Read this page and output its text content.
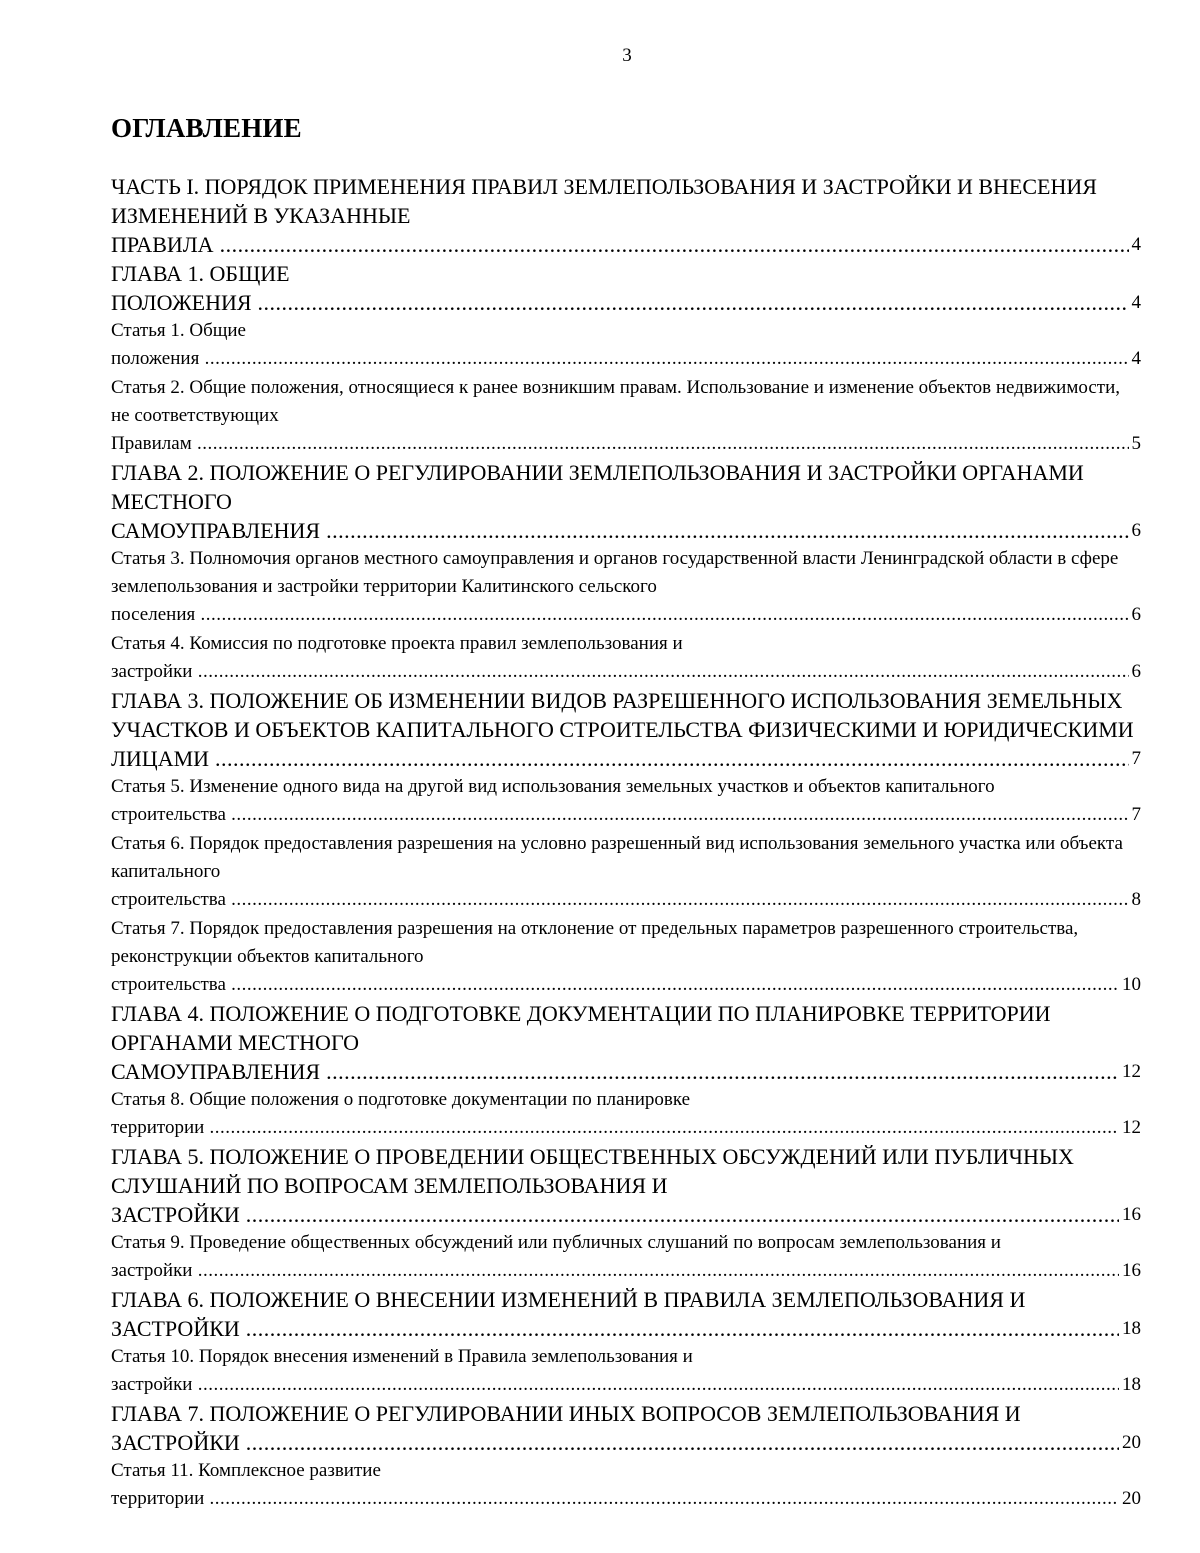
3
ОГЛАВЛЕНИЕ
ЧАСТЬ I. ПОРЯДОК ПРИМЕНЕНИЯ ПРАВИЛ ЗЕМЛЕПОЛЬЗОВАНИЯ И ЗАСТРОЙКИ И ВНЕСЕНИЯ ИЗМЕНЕНИЙ В УКАЗАННЫЕ ПРАВИЛА .....	4
ГЛАВА 1. ОБЩИЕ ПОЛОЖЕНИЯ .....	4
Статья 1. Общие положения .....	4
Статья 2. Общие положения, относящиеся к ранее возникшим правам. Использование и изменение объектов недвижимости, не соответствующих Правилам .....	5
ГЛАВА 2. ПОЛОЖЕНИЕ О РЕГУЛИРОВАНИИ ЗЕМЛЕПОЛЬЗОВАНИЯ И ЗАСТРОЙКИ ОРГАНАМИ МЕСТНОГО САМОУПРАВЛЕНИЯ .....	6
Статья 3. Полномочия органов местного самоуправления и органов государственной власти Ленинградской области в сфере землепользования и застройки территории Калитинского сельского поселения .....	6
Статья 4. Комиссия по подготовке проекта правил землепользования и застройки .....	6
ГЛАВА 3. ПОЛОЖЕНИЕ ОБ ИЗМЕНЕНИИ ВИДОВ РАЗРЕШЕННОГО ИСПОЛЬЗОВАНИЯ ЗЕМЕЛЬНЫХ УЧАСТКОВ И ОБЪЕКТОВ КАПИТАЛЬНОГО СТРОИТЕЛЬСТВА ФИЗИЧЕСКИМИ И ЮРИДИЧЕСКИМИ ЛИЦАМИ .....	7
Статья 5. Изменение одного вида на другой вид использования земельных участков и объектов капитального строительства .....	7
Статья 6. Порядок предоставления разрешения на условно разрешенный вид использования земельного участка или объекта капитального строительства .....	8
Статья 7. Порядок предоставления разрешения на отклонение от предельных параметров разрешенного строительства, реконструкции объектов капитального строительства .....	10
ГЛАВА 4. ПОЛОЖЕНИЕ О ПОДГОТОВКЕ ДОКУМЕНТАЦИИ ПО ПЛАНИРОВКЕ ТЕРРИТОРИИ ОРГАНАМИ МЕСТНОГО САМОУПРАВЛЕНИЯ .....	12
Статья 8. Общие положения о подготовке документации по планировке территории .....	12
ГЛАВА 5. ПОЛОЖЕНИЕ О ПРОВЕДЕНИИ ОБЩЕСТВЕННЫХ ОБСУЖДЕНИЙ ИЛИ ПУБЛИЧНЫХ СЛУШАНИЙ ПО ВОПРОСАМ ЗЕМЛЕПОЛЬЗОВАНИЯ И ЗАСТРОЙКИ .....	16
Статья 9. Проведение общественных обсуждений или публичных слушаний по вопросам землепользования и застройки .....	16
ГЛАВА 6. ПОЛОЖЕНИЕ О ВНЕСЕНИИ ИЗМЕНЕНИЙ В ПРАВИЛА ЗЕМЛЕПОЛЬЗОВАНИЯ И ЗАСТРОЙКИ .....	18
Статья 10. Порядок внесения изменений в Правила землепользования и застройки .....	18
ГЛАВА 7. ПОЛОЖЕНИЕ О РЕГУЛИРОВАНИИ ИНЫХ ВОПРОСОВ ЗЕМЛЕПОЛЬЗОВАНИЯ И ЗАСТРОЙКИ .....	20
Статья 11. Комплексное развитие территории .....	20
